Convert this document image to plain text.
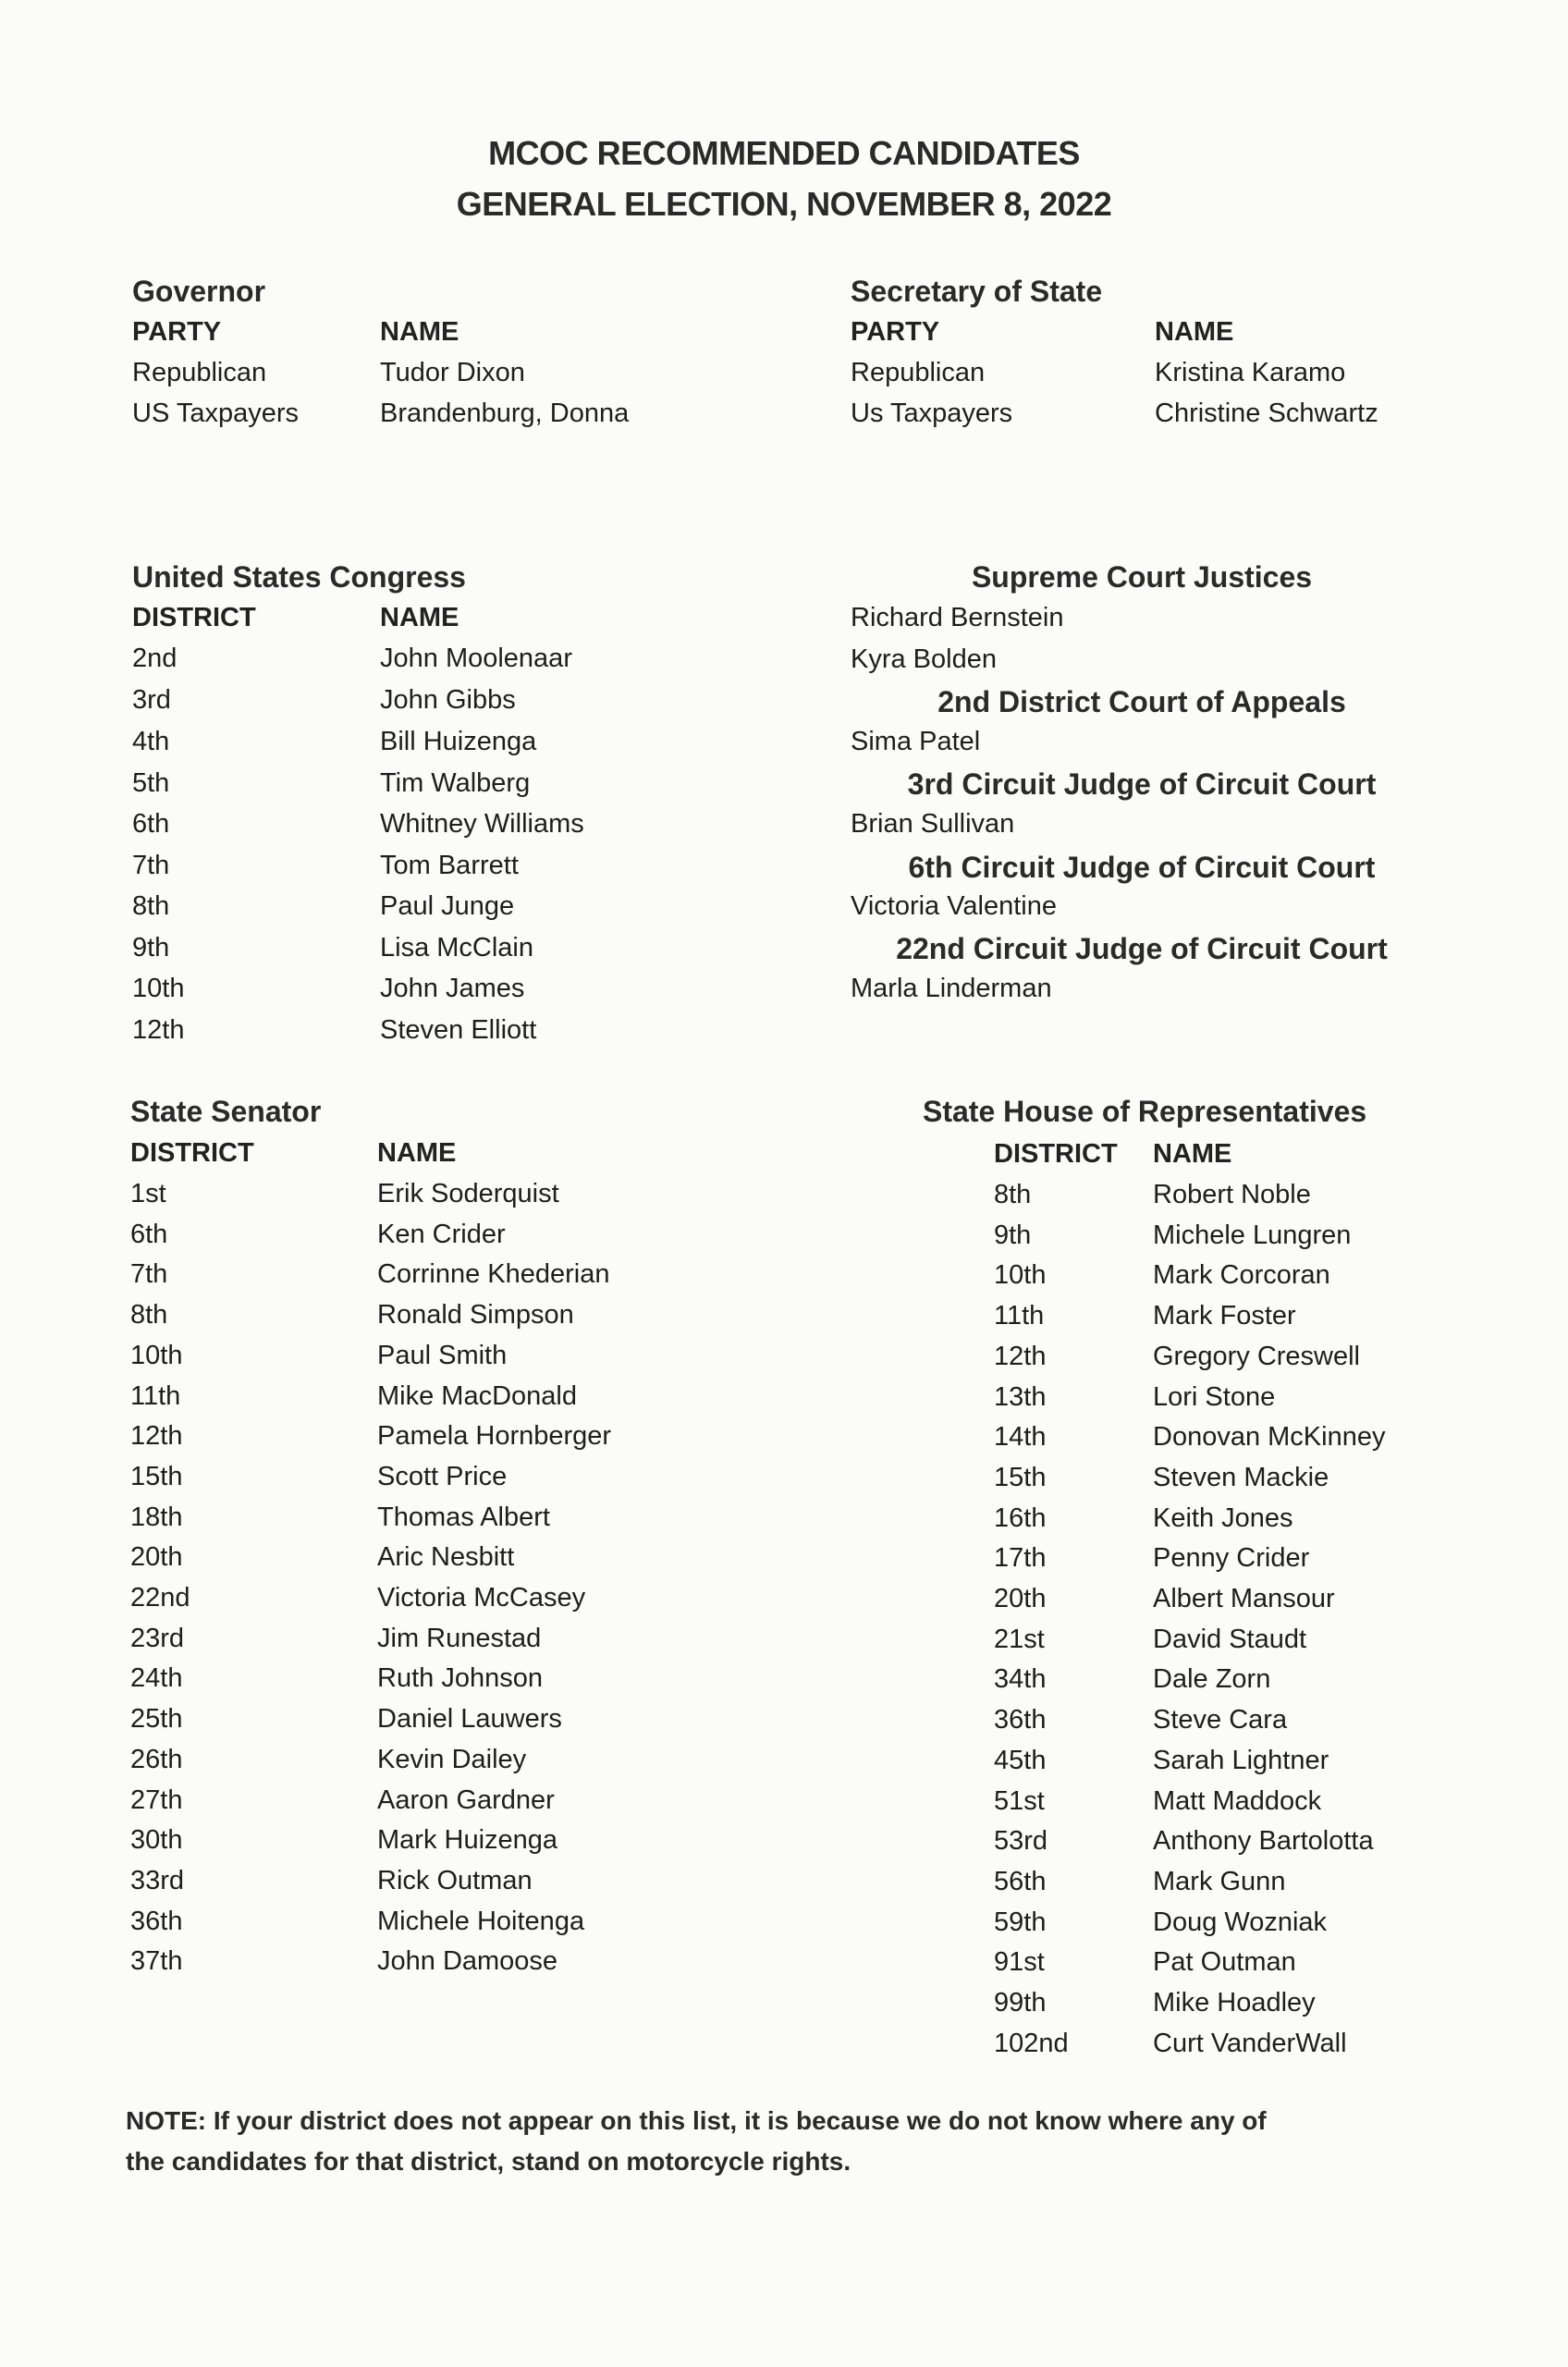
MCOC RECOMMENDED CANDIDATES
GENERAL ELECTION, NOVEMBER 8, 2022
Governor
PARTY	NAME
Republican	Tudor Dixon
US Taxpayers	Brandenburg, Donna
Secretary of State
PARTY	NAME
Republican	Kristina Karamo
Us Taxpayers	Christine Schwartz
United States Congress
DISTRICT	NAME
2nd	John Moolenaar
3rd	John Gibbs
4th	Bill Huizenga
5th	Tim Walberg
6th	Whitney Williams
7th	Tom Barrett
8th	Paul Junge
9th	Lisa McClain
10th	John James
12th	Steven Elliott
Supreme Court Justices
Richard Bernstein
Kyra Bolden
2nd District Court of Appeals
Sima Patel
3rd Circuit Judge of Circuit Court
Brian Sullivan
6th Circuit Judge of Circuit Court
Victoria Valentine
22nd Circuit Judge of Circuit Court
Marla Linderman
State Senator
DISTRICT	NAME
1st	Erik Soderquist
6th	Ken Crider
7th	Corrinne Khederian
8th	Ronald Simpson
10th	Paul Smith
11th	Mike MacDonald
12th	Pamela Hornberger
15th	Scott Price
18th	Thomas Albert
20th	Aric Nesbitt
22nd	Victoria McCasey
23rd	Jim Runestad
24th	Ruth Johnson
25th	Daniel Lauwers
26th	Kevin Dailey
27th	Aaron Gardner
30th	Mark Huizenga
33rd	Rick Outman
36th	Michele Hoitenga
37th	John Damoose
State House of Representatives
DISTRICT NAME
8th	Robert Noble
9th	Michele Lungren
10th	Mark Corcoran
11th	Mark Foster
12th	Gregory Creswell
13th	Lori Stone
14th	Donovan McKinney
15th	Steven Mackie
16th	Keith Jones
17th	Penny Crider
20th	Albert Mansour
21st	David Staudt
34th	Dale Zorn
36th	Steve Cara
45th	Sarah Lightner
51st	Matt Maddock
53rd	Anthony Bartolotta
56th	Mark Gunn
59th	Doug Wozniak
91st	Pat Outman
99th	Mike Hoadley
102nd	Curt VanderWall
NOTE: If your district does not appear on this list, it is because we do not know where any of
the candidates for that district, stand on motorcycle rights.
